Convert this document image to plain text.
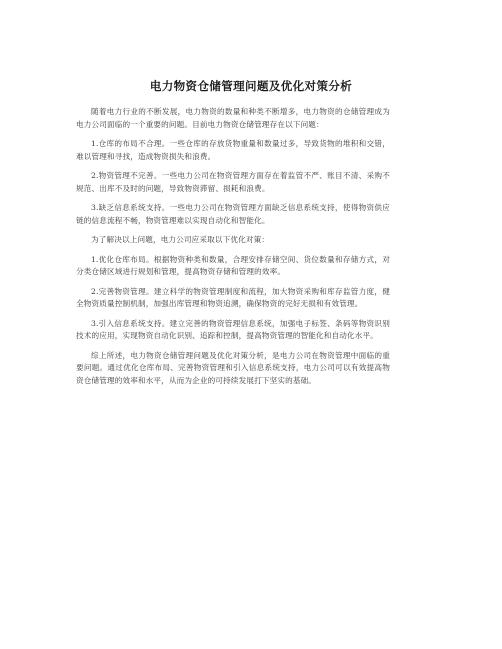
电力物资仓储管理问题及优化对策分析

随着电力行业的不断发展，电力物资的数量和种类不断增多，电力物资的仓储管理成为电力公司面临的一个重要的问题。目前电力物资仓储管理存在以下问题：

1.仓库的布局不合理。一些仓库的存放货物重量和数量过多，导致货物的堆积和交错，难以管理和寻找，造成物资损失和浪费。

2.物资管理不完善。一些电力公司在物资管理方面存在着监管不严、账目不清、采购不规范、出库不及时的问题，导致物资滞留、损耗和浪费。

3.缺乏信息系统支持。一些电力公司在物资管理方面缺乏信息系统支持，使得物资供应链的信息流程不畅，物资管理难以实现自动化和智能化。

为了解决以上问题，电力公司应采取以下优化对策：

1.优化仓库布局。根据物资种类和数量，合理安排存储空间、货位数量和存储方式，对分类仓储区域进行规划和管理，提高物资存储和管理的效率。

2.完善物资管理。建立科学的物资管理制度和流程，加大物资采购和库存监管力度，健全物资质量控制机制，加强出库管理和物资追溯，确保物资的完好无损和有效管理。

3.引入信息系统支持。建立完善的物资管理信息系统，加强电子标签、条码等物资识别技术的应用，实现物资自动化识别、追踪和控制，提高物资管理的智能化和自动化水平。

综上所述，电力物资仓储管理问题及优化对策分析，是电力公司在物资管理中面临的重要问题。通过优化仓库布局、完善物资管理和引入信息系统支持，电力公司可以有效提高物资仓储管理的效率和水平，从而为企业的可持续发展打下坚实的基础。
